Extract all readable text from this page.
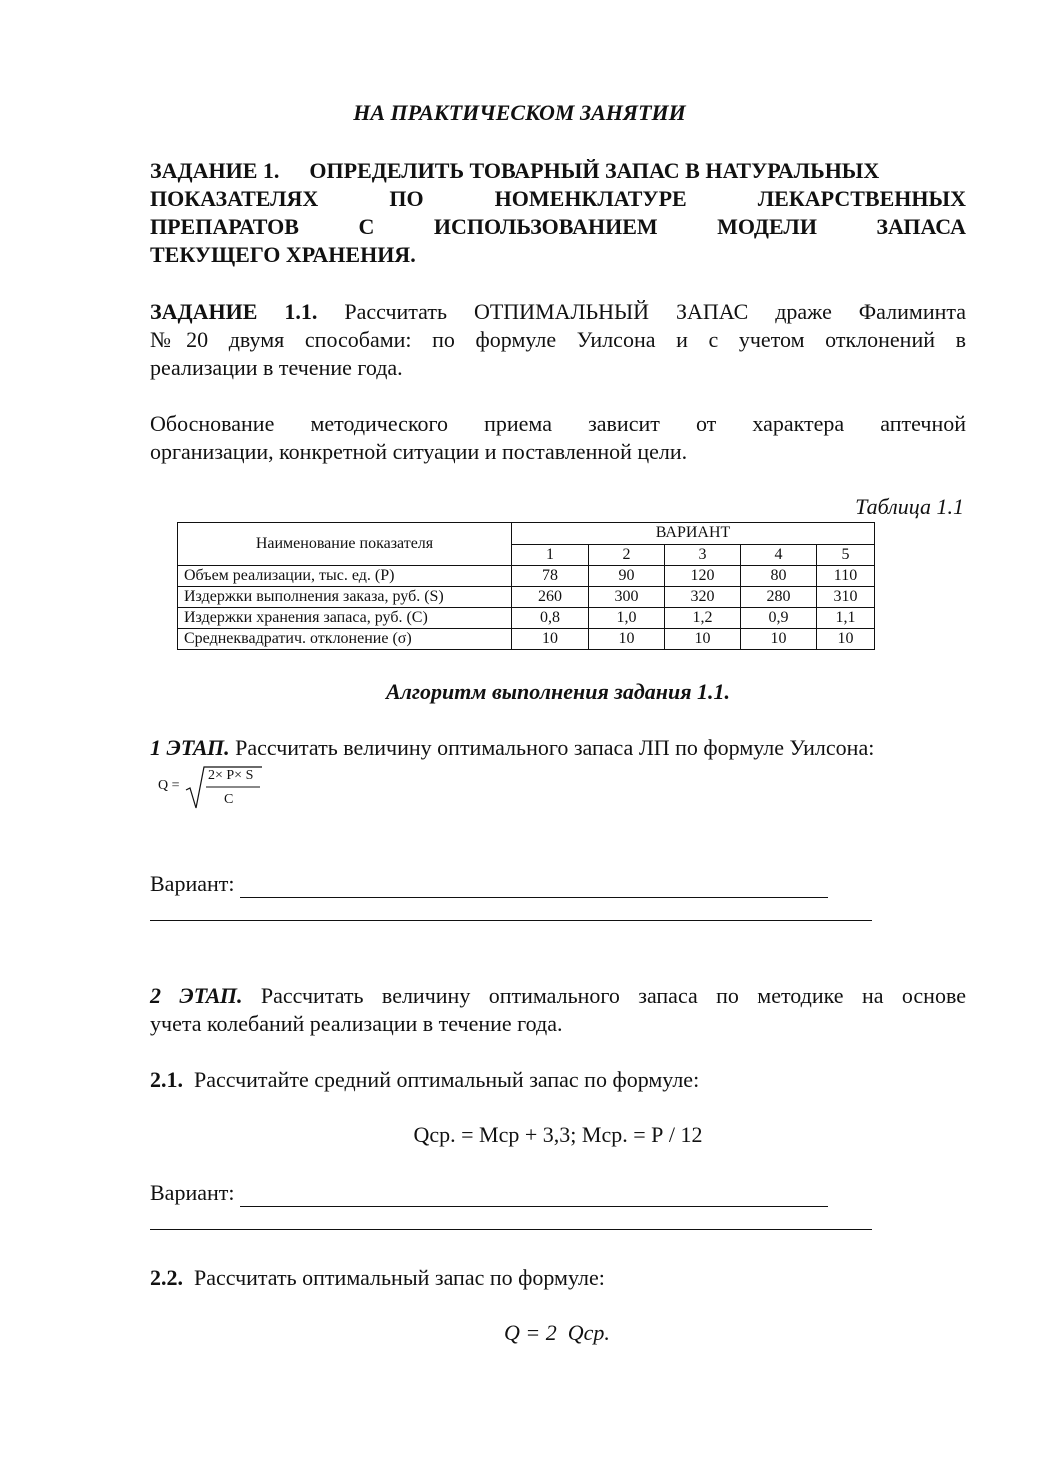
НА ПРАКТИЧЕСКОМ ЗАНЯТИИ
ЗАДАНИЕ 1. ОПРЕДЕЛИТЬ ТОВАРНЫЙ ЗАПАС В НАТУРАЛЬНЫХ
ПОКАЗАТЕЛЯХ	ПО	НОМЕНКЛАТУРЕ	ЛЕКАРСТВЕННЫХ
ПРЕПАРАТОВ	С	ИСПОЛЬЗОВАНИЕМ	МОДЕЛИ	ЗАПАСА
ТЕКУЩЕГО ХРАНЕНИЯ.
ЗАДАНИЕ 1.1. Рассчитать ОТПИМАЛЬНЫЙ ЗАПАС драже Фалиминта
№20 двумя способами: по формуле Уилсона и с учетом отклонений в
реализации в течение года.
Обоснование методического приема зависит от характера аптечной
организации, конкретной ситуации и поставленной цели.
Таблица 1.1
Наименование показателя	ВАРИАНТ				
	1	2	3	4	5
Объем реализации, тыс. ед. (Р)	78	90	120	80	110
Издержки выполнения заказа, руб. (S)	260	300	320	280	310
Издержки хранения запаса, руб. (С)	0,8	1,0	1,2	0,9	1,1
Среднеквадратич. отклонение (σ)	10	10	10	10	10
Алгоритм выполнения задания 1.1.
1 ЭТАП. Рассчитать величину оптимального запаса ЛП по формуле Уилсона:
Q =
2× P× S
C
Вариант:
2 ЭТАП. Рассчитать величину оптимального запаса по методике на основе
учета колебаний реализации в течение года.
2.1. Рассчитайте средний оптимальный запас по формуле:
Qср. = Мср + 3,3; Мср. = Р / 12
Вариант:
2.2. Рассчитать оптимальный запас по формуле:
Q = 2  Qср.
